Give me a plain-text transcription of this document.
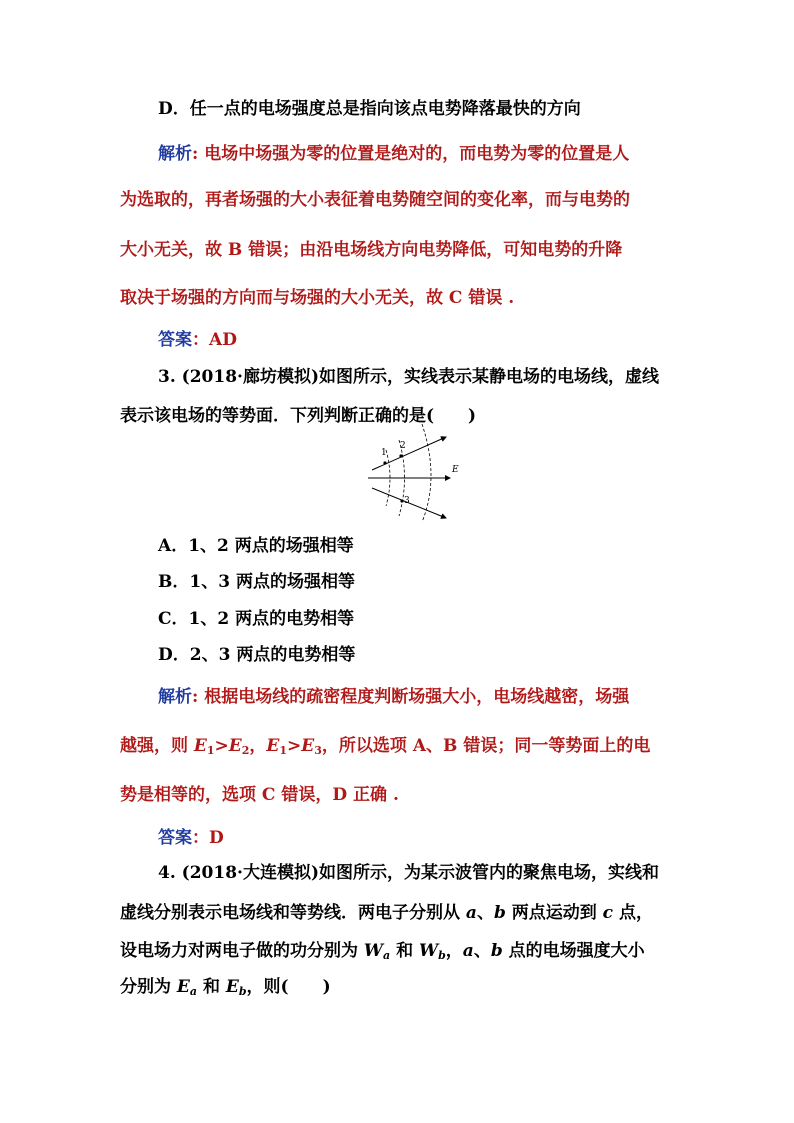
D．任一点的电场强度总是指向该点电势降落最快的方向
解析: 电场中场强为零的位置是绝对的，而电势为零的位置是人
为选取的，再者场强的大小表征着电势随空间的变化率，而与电势的
大小无关，故 B 错误；由沿电场线方向电势降低，可知电势的升降
取决于场强的方向而与场强的大小无关，故 C 错误 .
答案：AD
3. (2018·廊坊模拟)如图所示，实线表示某静电场的电场线，虚线
表示该电场的等势面．下列判断正确的是(　　)
1
2
3
E
A．1、2 两点的场强相等
B．1、3 两点的场强相等
C．1、2 两点的电势相等
D．2、3 两点的电势相等
解析: 根据电场线的疏密程度判断场强大小，电场线越密，场强
越强，则 $E_1>E_2$，$E_1>E_3$，所以选项 A、B 错误；同一等势面上的电
势是相等的，选项 C 错误，D 正确 .
答案：D
4. (2018·大连模拟)如图所示，为某示波管内的聚焦电场，实线和
虚线分别表示电场线和等势线．两电子分别从 a、b 两点运动到 c 点，
设电场力对两电子做的功分别为 $W_a$ 和 $W_b$，a、b 点的电场强度大小
分别为 $E_a$ 和 $E_b$，则(　　)
